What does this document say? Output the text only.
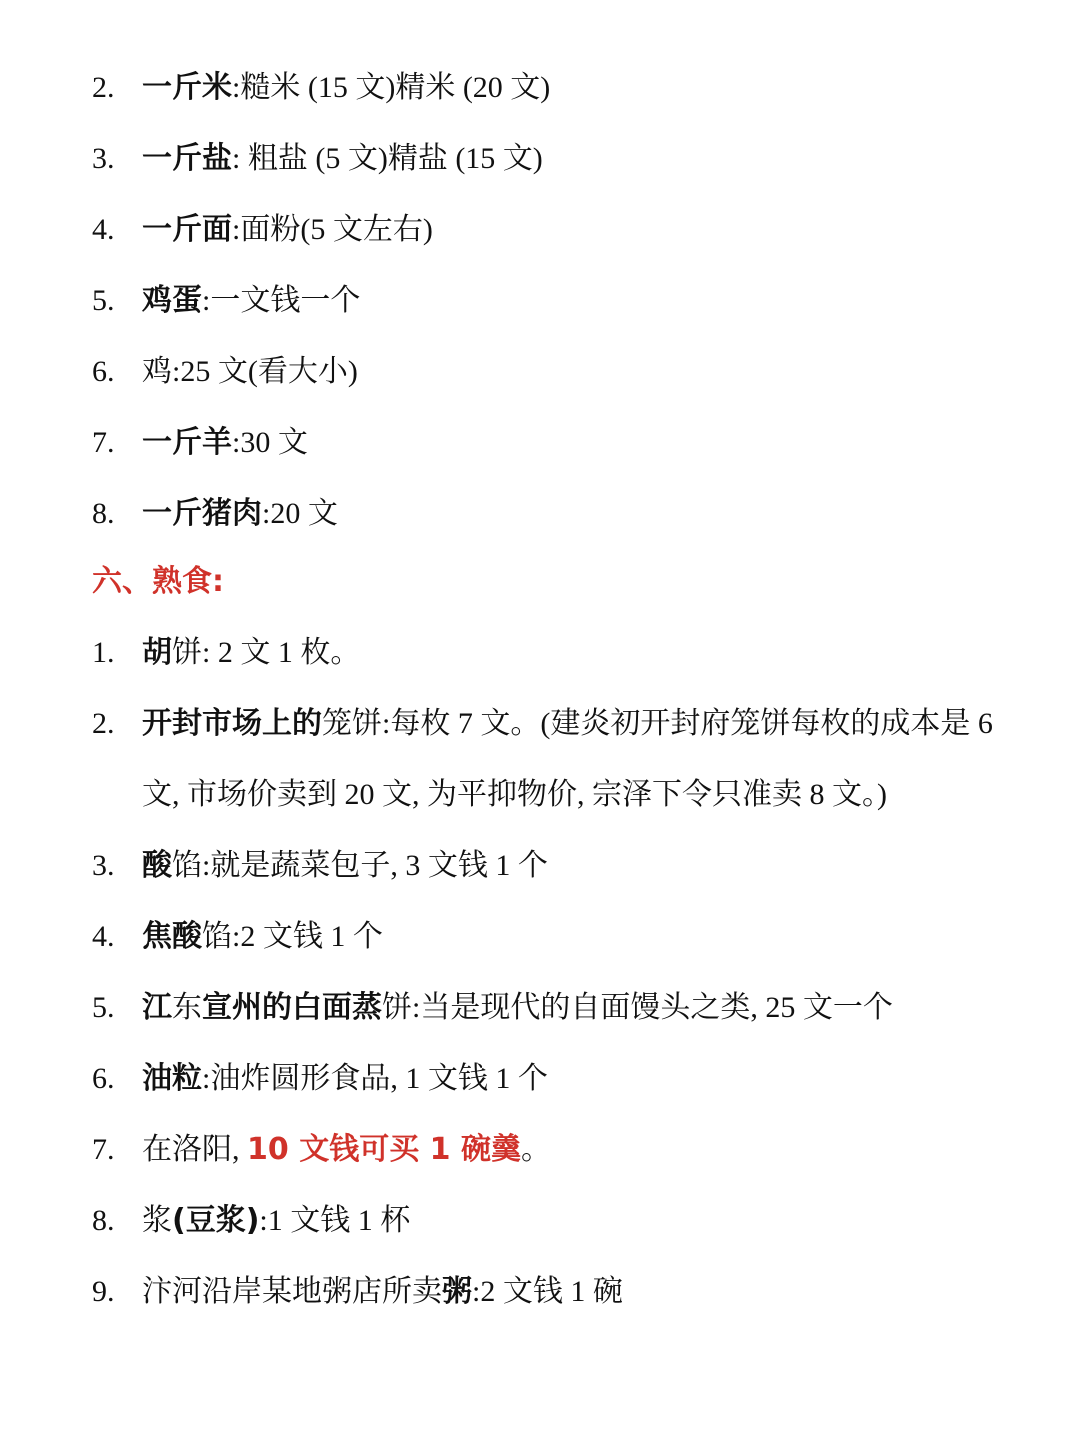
2. 一斤米:糙米 (15 文)精米 (20 文)
3. 一斤盐: 粗盐 (5 文)精盐 (15 文)
4. 一斤面:面粉(5 文左右)
5. 鸡蛋:一文钱一个
6. 鸡:25 文(看大小)
7. 一斤羊:30 文
8. 一斤猪肉:20 文
六、熟食:
1. 胡饼: 2 文 1 枚。
2. 开封市场上的笼饼:每枚 7 文。(建炎初开封府笼饼每枚的成本是 6 文, 市场价卖到 20 文, 为平抑物价, 宗泽下令只准卖 8 文。)
3. 酸馅:就是蔬菜包子, 3 文钱 1 个
4. 焦酸馅:2 文钱 1 个
5. 江东宣州的白面蒸饼:当是现代的自面馒头之类, 25 文一个
6. 油粒:油炸圆形食品, 1 文钱 1 个
7. 在洛阳, 10 文钱可买 1 碗羹。
8. 浆(豆浆):1 文钱 1 杯
9. 汴河沿岸某地粥店所卖粥:2 文钱 1 碗
